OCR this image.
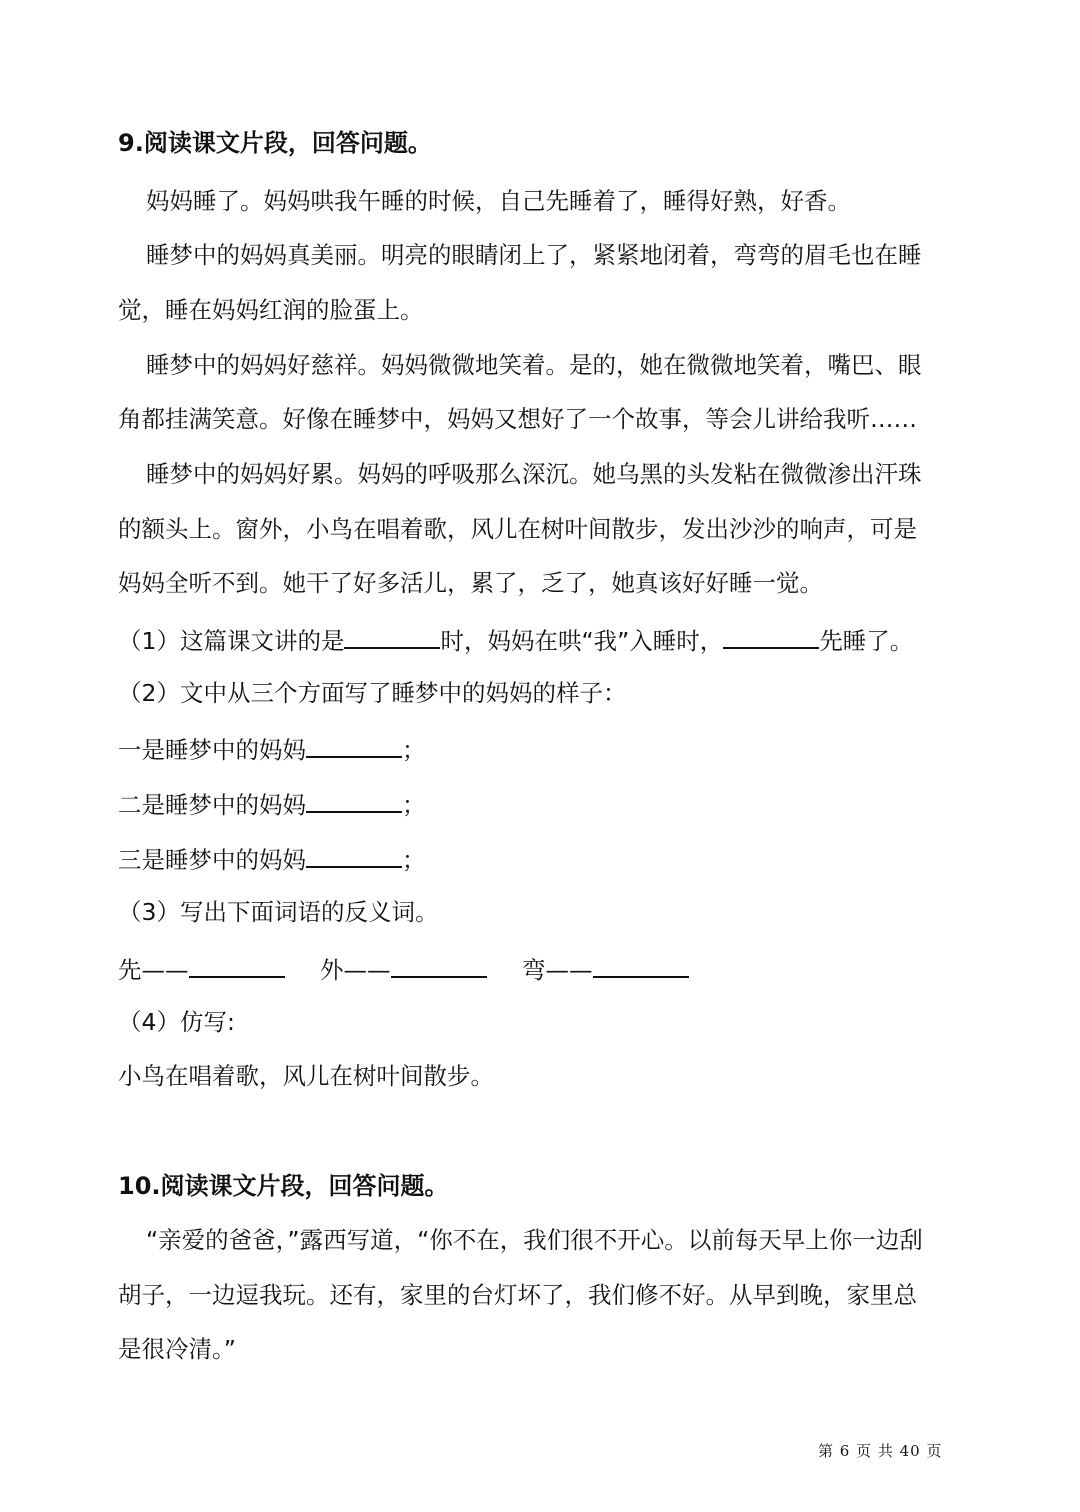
9.阅读课文片段，回答问题。
妈妈睡了。妈妈哄我午睡的时候，自己先睡着了，睡得好熟，好香。
睡梦中的妈妈真美丽。明亮的眼睛闭上了，紧紧地闭着，弯弯的眉毛也在睡
觉，睡在妈妈红润的脸蛋上。
睡梦中的妈妈好慈祥。妈妈微微地笑着。是的，她在微微地笑着，嘴巴、眼
角都挂满笑意。好像在睡梦中，妈妈又想好了一个故事，等会儿讲给我听……
睡梦中的妈妈好累。妈妈的呼吸那么深沉。她乌黑的头发粘在微微渗出汗珠
的额头上。窗外，小鸟在唱着歌，风儿在树叶间散步，发出沙沙的响声，可是
妈妈全听不到。她干了好多活儿，累了，乏了，她真该好好睡一觉。
（1）这篇课文讲的是	时，妈妈在哄“我”入睡时，	先睡了。
（2）文中从三个方面写了睡梦中的妈妈的样子：
一是睡梦中的妈妈	；
二是睡梦中的妈妈	；
三是睡梦中的妈妈	；
（3）写出下面词语的反义词。
先——	外——	弯——
（4）仿写:
小鸟在唱着歌，风儿在树叶间散步。
10.阅读课文片段，回答问题。
“亲爱的爸爸，”露西写道，“你不在，我们很不开心。以前每天早上你一边刮
胡子，一边逗我玩。还有，家里的台灯坏了，我们修不好。从早到晚，家里总
是很冷清。”
第 6 页 共 40 页
